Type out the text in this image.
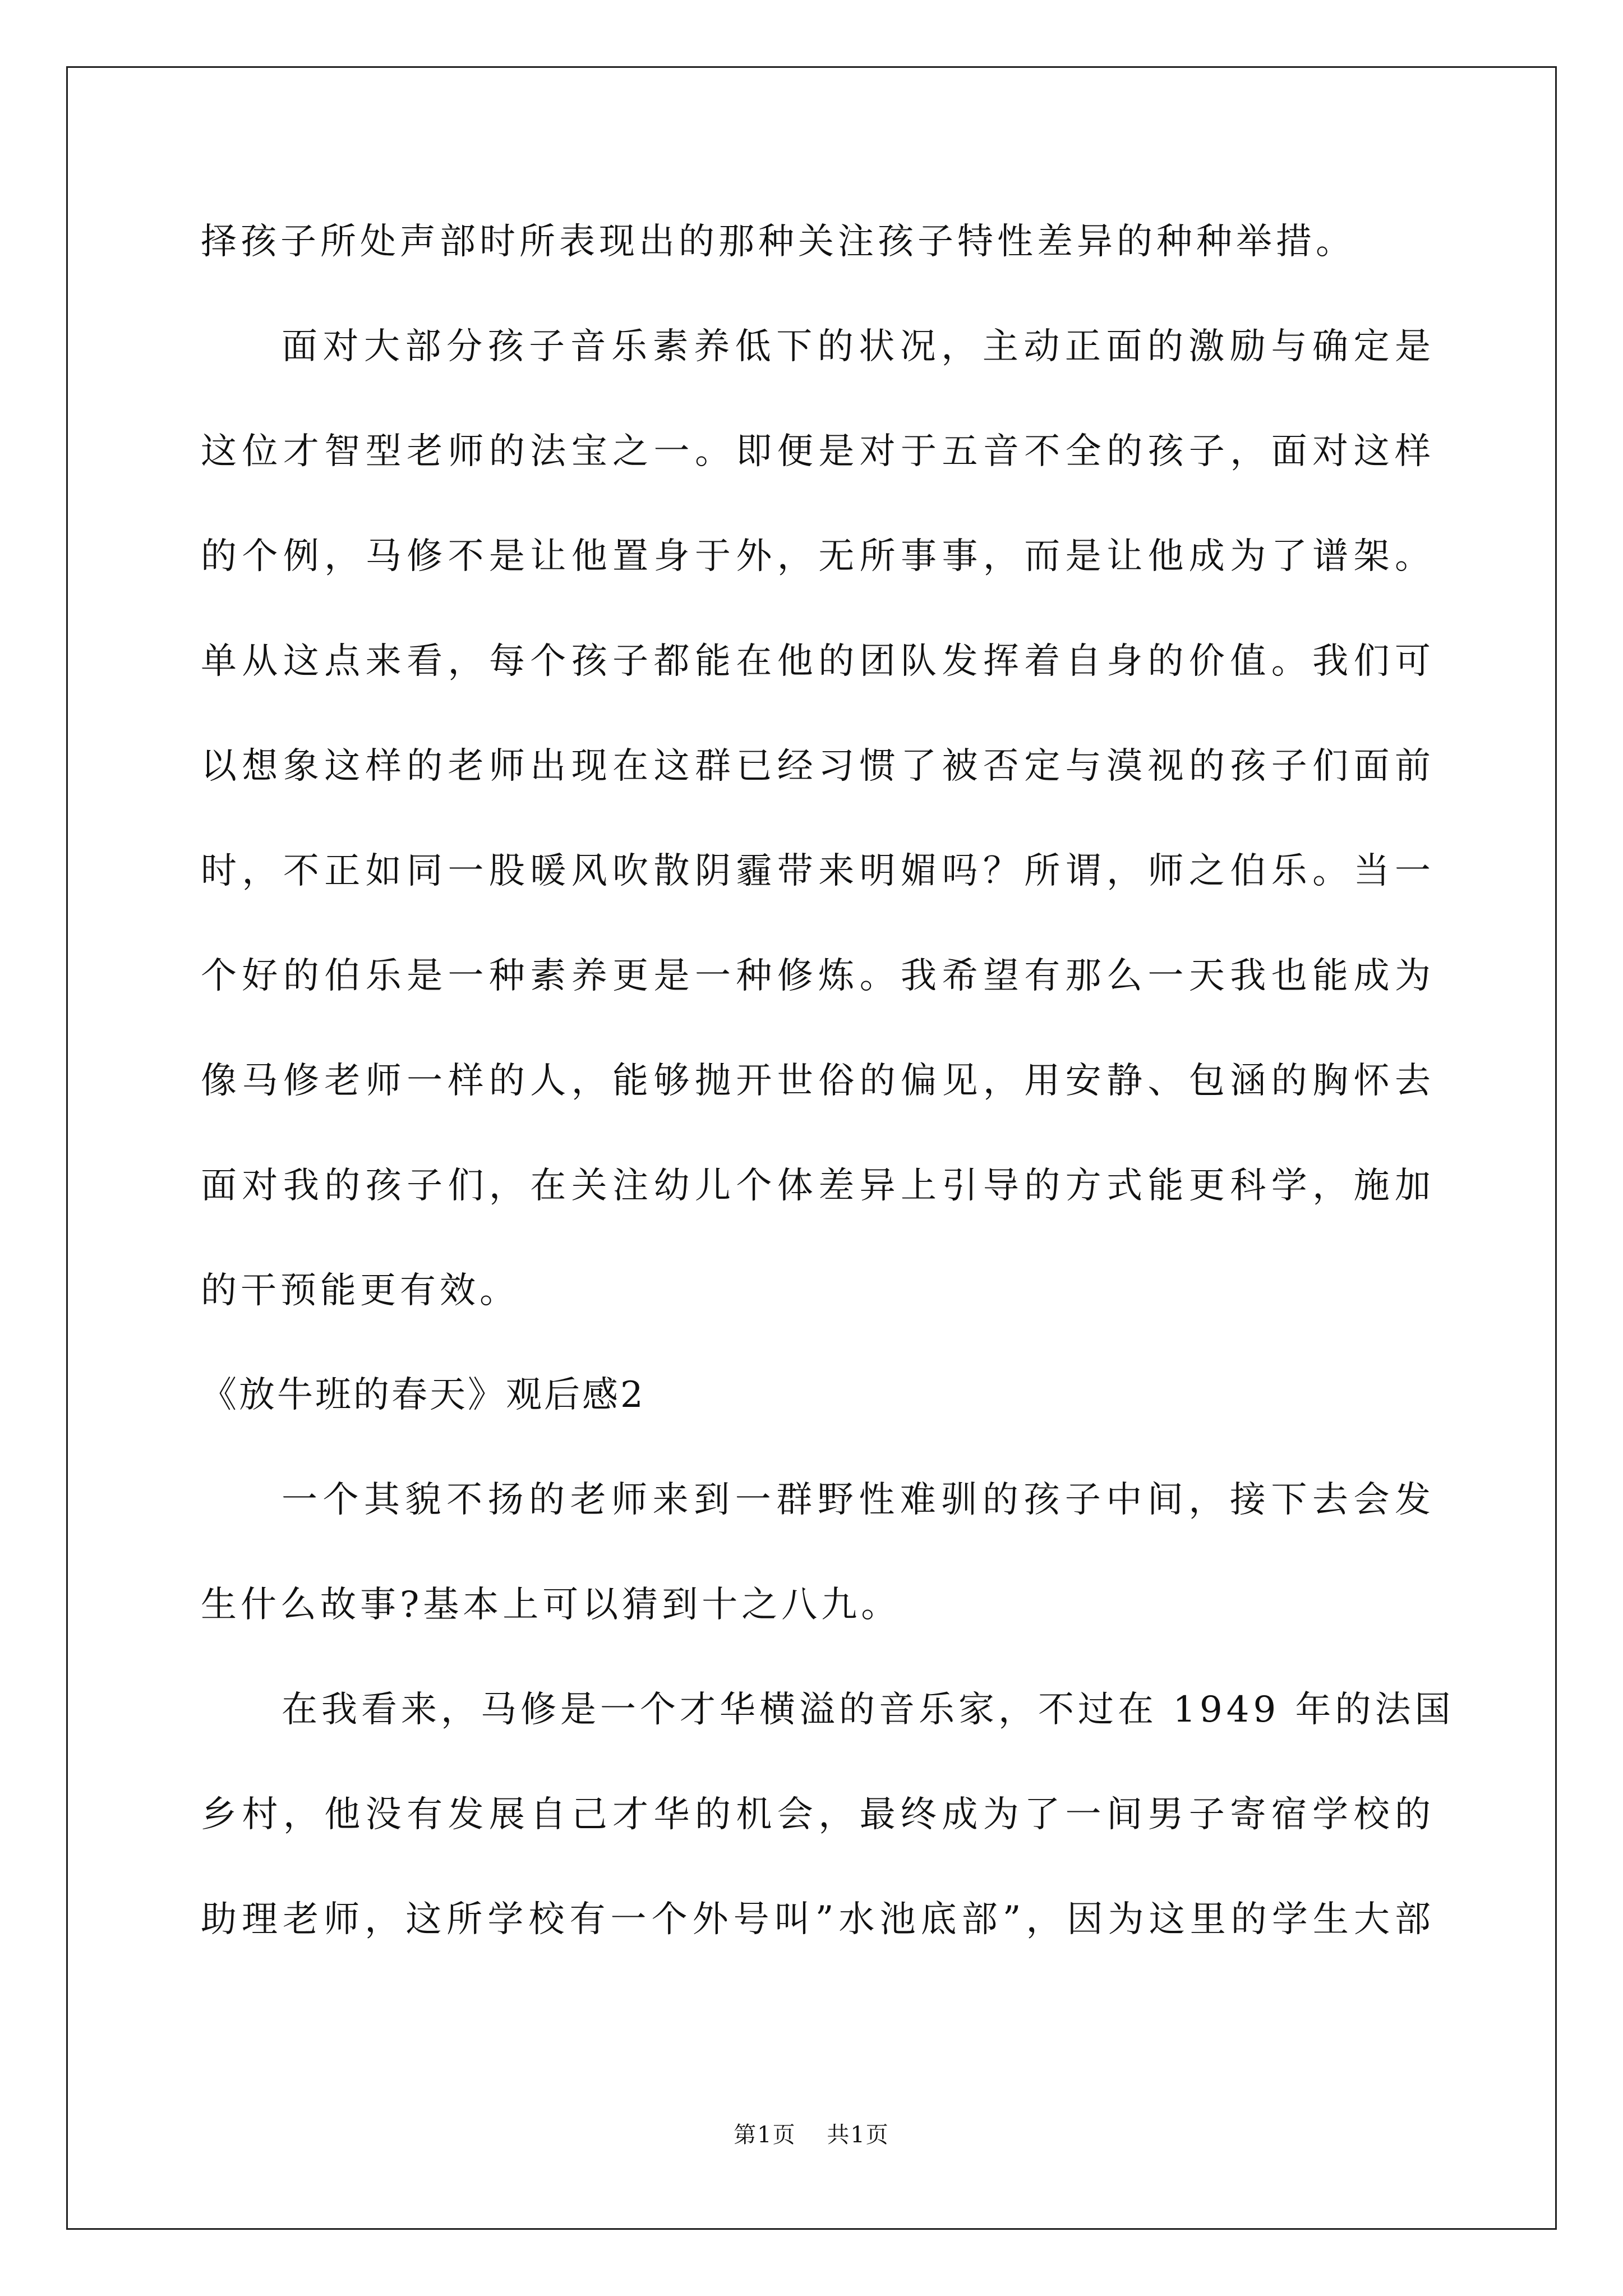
择孩子所处声部时所表现出的那种关注孩子特性差异的种种举措。
面对大部分孩子音乐素养低下的状况，主动正面的激励与确定是
这位才智型老师的法宝之一。即便是对于五音不全的孩子，面对这样
的个例，马修不是让他置身于外，无所事事，而是让他成为了谱架。
单从这点来看，每个孩子都能在他的团队发挥着自身的价值。我们可
以想象这样的老师出现在这群已经习惯了被否定与漠视的孩子们面前
时，不正如同一股暖风吹散阴霾带来明媚吗？所谓，师之伯乐。当一
个好的伯乐是一种素养更是一种修炼。我希望有那么一天我也能成为
像马修老师一样的人，能够抛开世俗的偏见，用安静、包涵的胸怀去
面对我的孩子们，在关注幼儿个体差异上引导的方式能更科学，施加
的干预能更有效。
《放牛班的春天》观后感2
一个其貌不扬的老师来到一群野性难驯的孩子中间，接下去会发
生什么故事?基本上可以猜到十之八九。
在我看来，马修是一个才华横溢的音乐家，不过在 1949 年的法国
乡村，他没有发展自己才华的机会，最终成为了一间男子寄宿学校的
助理老师，这所学校有一个外号叫”水池底部”，因为这里的学生大部
第1页 共1页
